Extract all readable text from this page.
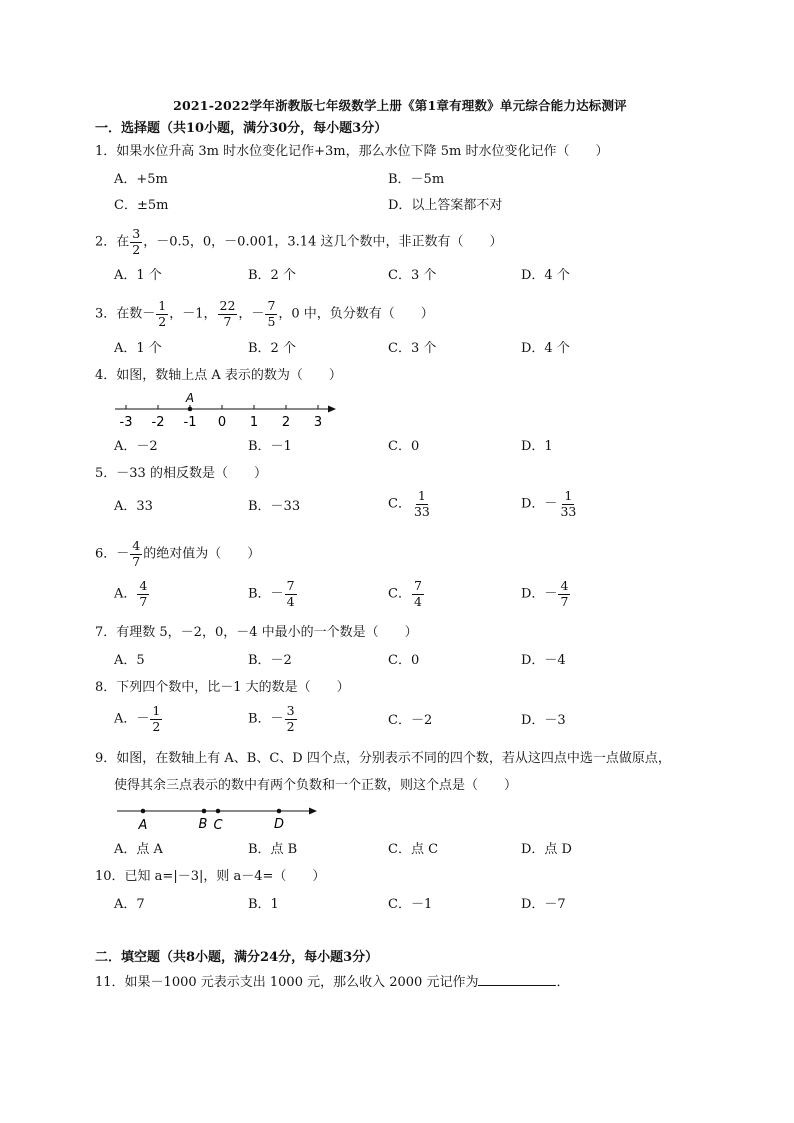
2021-2022学年浙教版七年级数学上册《第1章有理数》单元综合能力达标测评
一．选择题（共10小题，满分30分，每小题3分）
1．如果水位升高 3m 时水位变化记作+3m，那么水位下降 5m 时水位变化记作（　　）
A．+5m	B．－5m
C．±5m	D．以上答案都不对
2．在 $\frac{3}{2}$ ，－0.5，0，－0.001，3.14 这几个数中，非正数有（　　）
A．1 个	B．2 个	C．3 个	D．4 个
3．在数－ $\frac{1}{2}$ ，－1， $\frac{22}{7}$ ，－ $\frac{7}{5}$ ，0 中，负分数有（　　）
A．1 个	B．2 个	C．3 个	D．4 个
4．如图，数轴上点 A 表示的数为（　　）
-3 -2 -1 0 1 2 3
A
A．－2	B．－1	C．0	D．1
5．－33 的相反数是（　　）
A．33	B．－33	C． $\frac{1}{33}$	D．－ $\frac{1}{33}$
6．－ $\frac{4}{7}$ 的绝对值为（　　）
A． $\frac{4}{7}$	B．－ $\frac{7}{4}$	C． $\frac{7}{4}$	D．－ $\frac{4}{7}$
7．有理数 5，－2，0，－4 中最小的一个数是（　　）
A．5	B．－2	C．0	D．－4
8．下列四个数中，比－1 大的数是（　　）
A．－ $\frac{1}{2}$	B．－ $\frac{3}{2}$	C．－2	D．－3
9．如图，在数轴上有 A、B、C、D 四个点，分别表示不同的四个数，若从这四点中选一点做原点，
使得其余三点表示的数中有两个负数和一个正数，则这个点是（　　）
A	B C	D
A．点 A	B．点 B	C．点 C	D．点 D
10．已知 a=|－3|，则 a－4=（　　）
A．7	B．1	C．－1	D．－7
二．填空题（共8小题，满分24分，每小题3分）
11．如果－1000 元表示支出 1000 元，那么收入 2000 元记作为	．
